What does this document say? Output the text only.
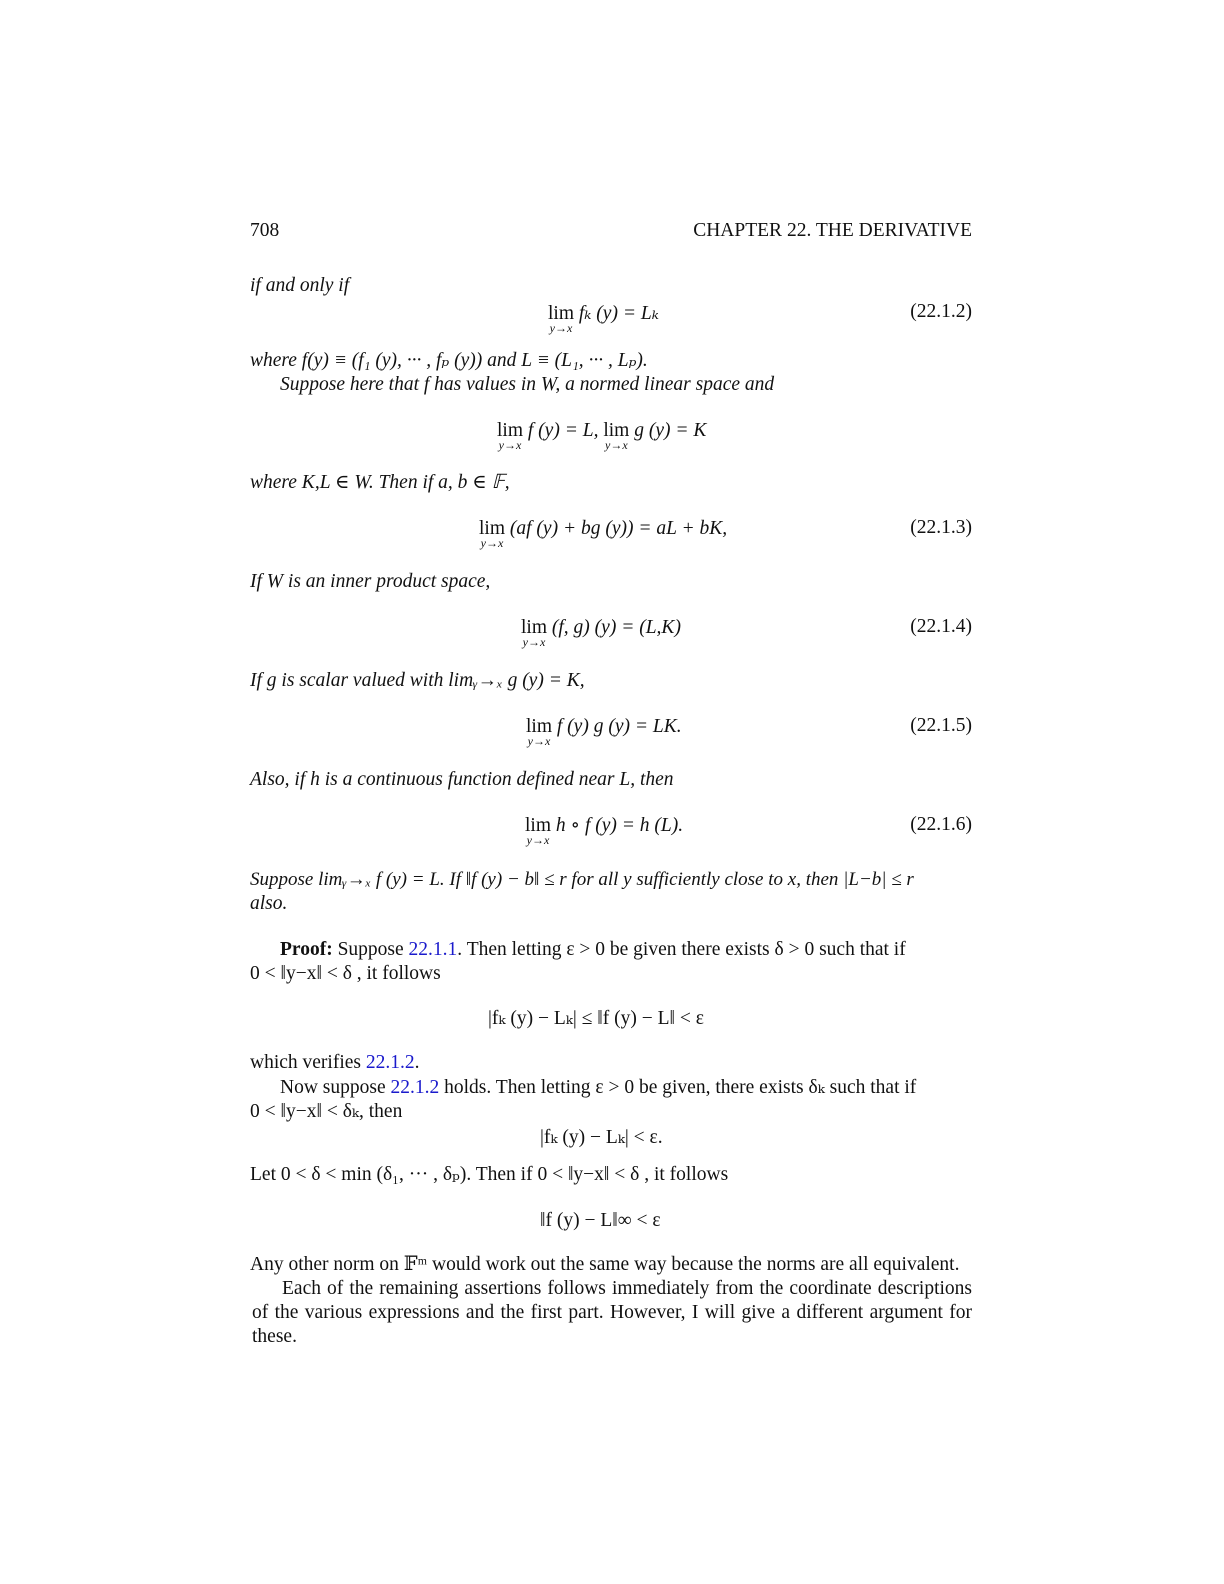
708	CHAPTER 22. THE DERIVATIVE
if and only if
lim
y→x
fₖ (y) = Lₖ	(22.1.2)
where f(y) ≡ (f₁ (y), ··· , fₚ (y)) and L ≡ (L₁, ··· , Lₚ).
Suppose here that f has values in W, a normed linear space and
lim
y→x
f (y) = L, lim
y→x
g (y) = K
where K,L ∈ W. Then if a, b ∈ 𝔽,
lim
y→x
(af (y) + bg (y)) = aL + bK,	(22.1.3)
If W is an inner product space,
lim
y→x
(f, g) (y) = (L,K)	(22.1.4)
If g is scalar valued with limᵧ→ₓ g (y) = K,
lim
y→x
f (y) g (y) = LK.	(22.1.5)
Also, if h is a continuous function defined near L, then
lim
y→x
h ∘ f (y) = h (L).	(22.1.6)
Suppose limᵧ→ₓ f (y) = L. If ‖f (y) − b‖ ≤ r for all y sufficiently close to x, then |L−b| ≤ r
also.
Proof: Suppose 22.1.1. Then letting ε > 0 be given there exists δ > 0 such that if
0 < ‖y−x‖ < δ , it follows
|fₖ (y) − Lₖ| ≤ ‖f (y) − L‖ < ε
which verifies 22.1.2.
Now suppose 22.1.2 holds. Then letting ε > 0 be given, there exists δₖ such that if
0 < ‖y−x‖ < δₖ, then
|fₖ (y) − Lₖ| < ε.
Let 0 < δ < min (δ₁, ··· , δₚ). Then if 0 < ‖y−x‖ < δ , it follows
‖f (y) − L‖∞ < ε
Any other norm on 𝔽ᵐ would work out the same way because the norms are all equivalent.
Each of the remaining assertions follows immediately from the coordinate descriptions of the various expressions and the first part. However, I will give a different argument for these.
